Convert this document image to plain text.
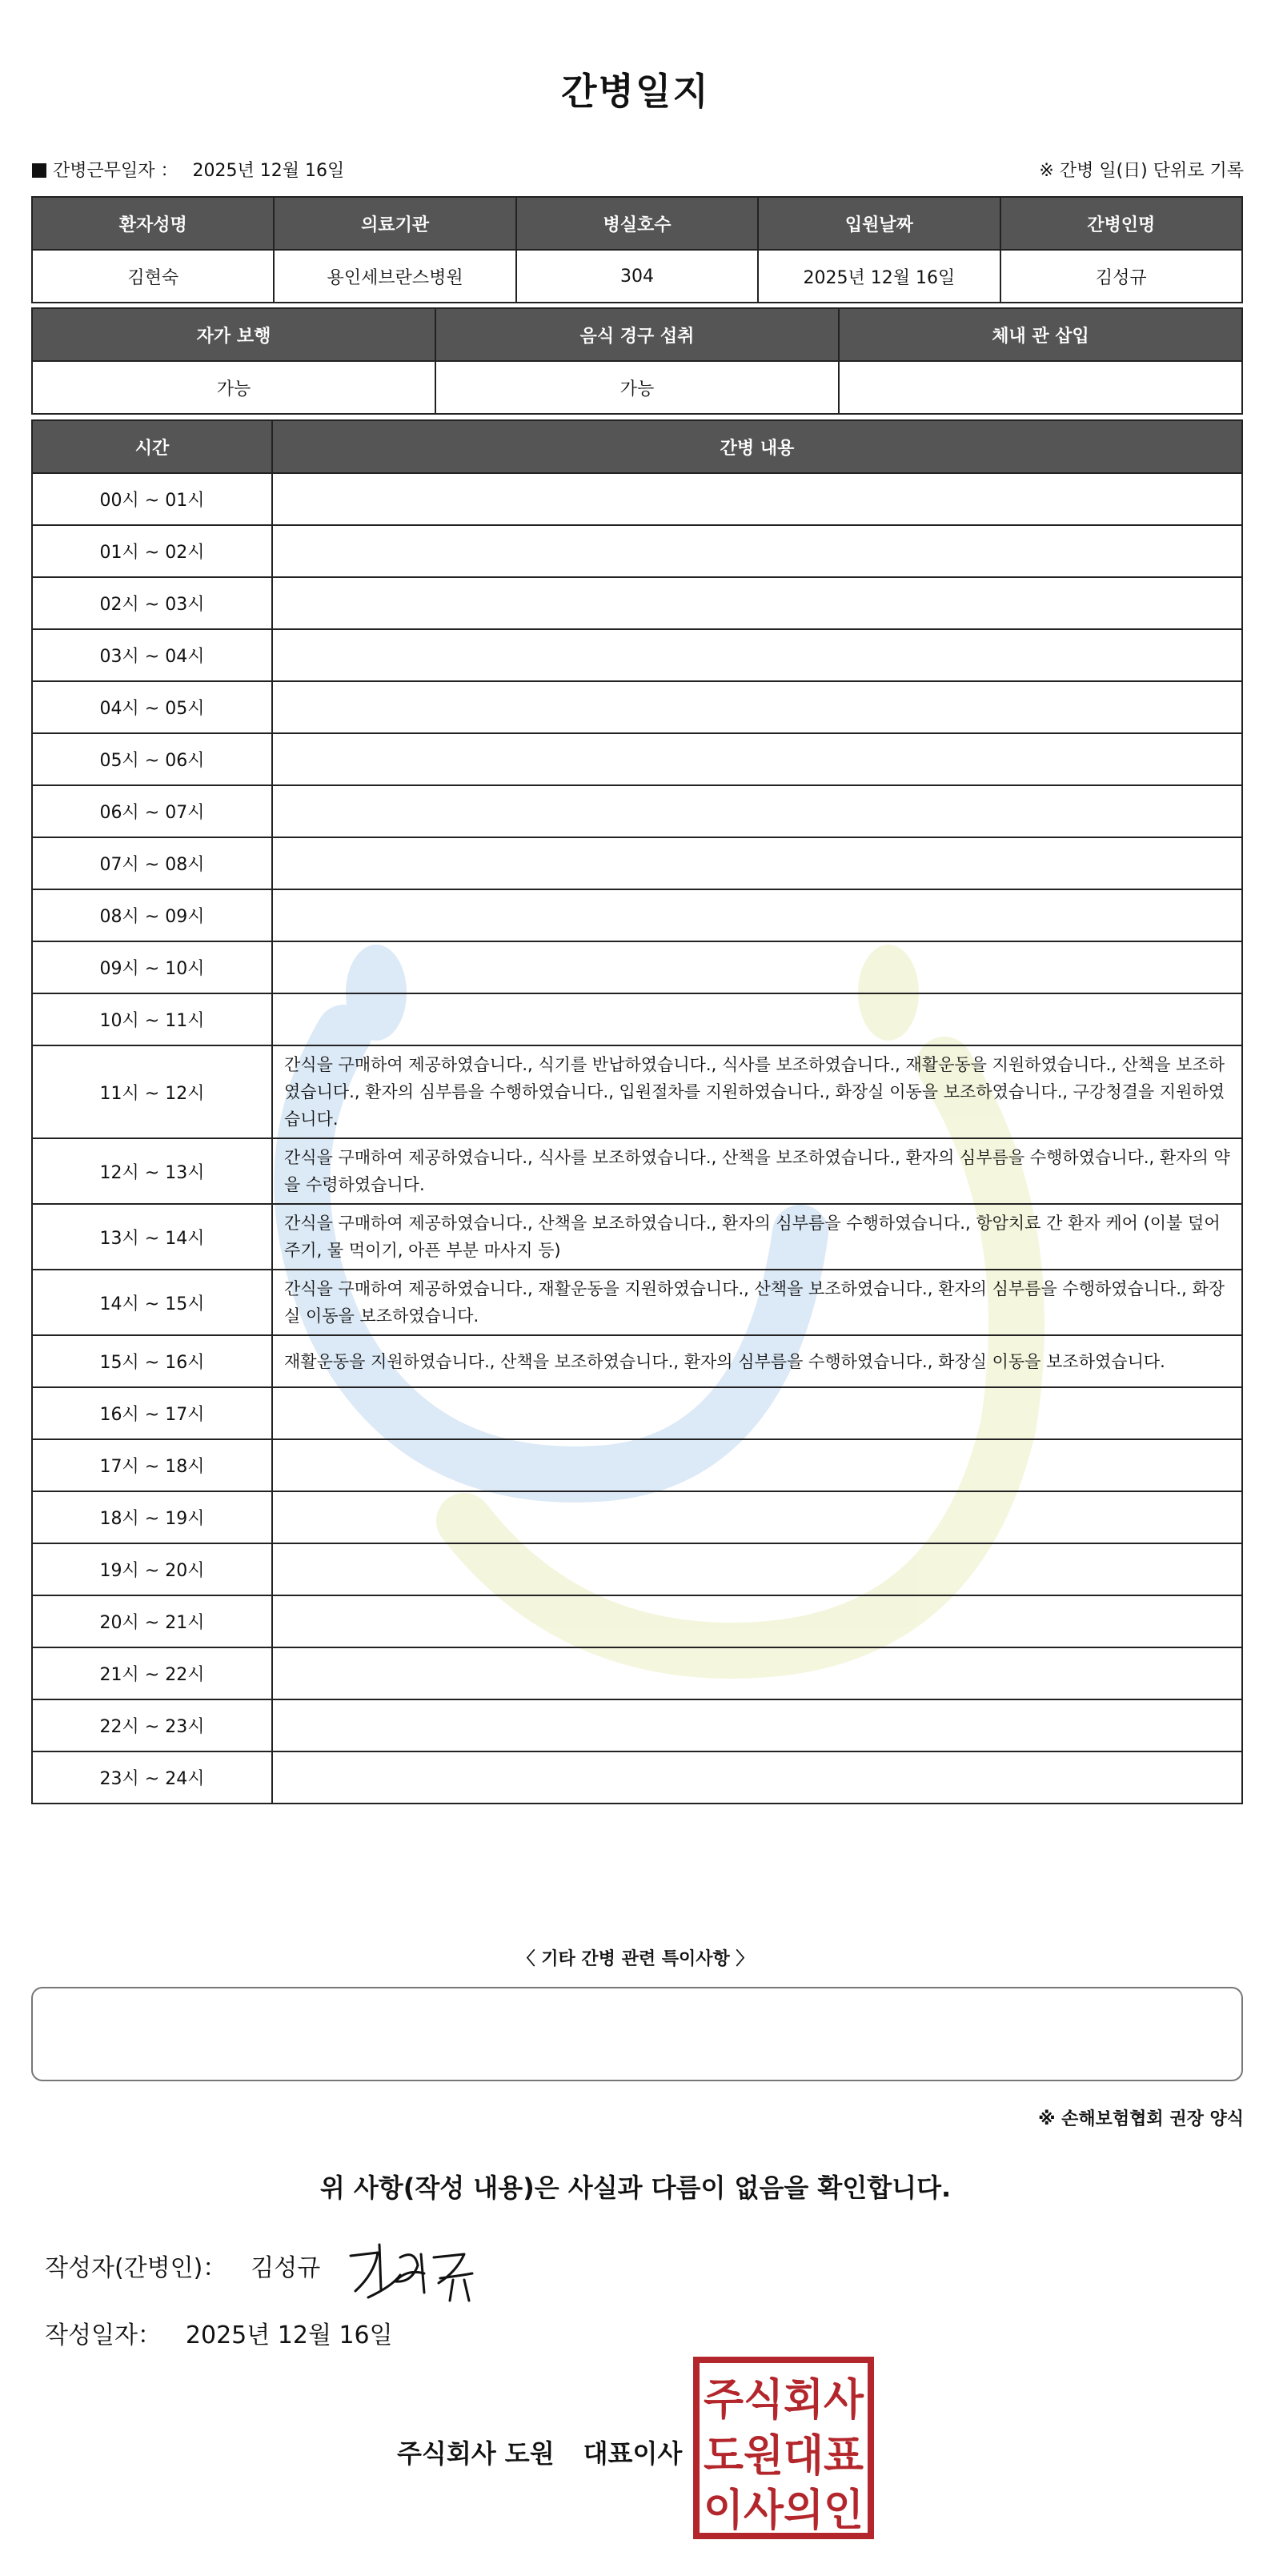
간병일지
간병근무일자 ： 2025년 12월 16일	※ 간병 일(日) 단위로 기록
환자성명	의료기관	병실호수	입원날짜	간병인명
김현숙	용인세브란스병원	304	2025년 12월 16일	김성규
자가 보행	음식 경구 섭취	체내 관 삽입
가능	가능	
시간	간병 내용
00시 ~ 01시	
01시 ~ 02시	
02시 ~ 03시	
03시 ~ 04시	
04시 ~ 05시	
05시 ~ 06시	
06시 ~ 07시	
07시 ~ 08시	
08시 ~ 09시	
09시 ~ 10시	
10시 ~ 11시	
11시 ~ 12시	간식을 구매하여 제공하였습니다., 식기를 반납하였습니다., 식사를 보조하였습니다., 재활운동을 지원하였습니다., 산책을 보조하였습니다., 환자의 심부름을 수행하였습니다., 입원절차를 지원하였습니다., 화장실 이동을 보조하였습니다., 구강청결을 지원하였습니다.
12시 ~ 13시	간식을 구매하여 제공하였습니다., 식사를 보조하였습니다., 산책을 보조하였습니다., 환자의 심부름을 수행하였습니다., 환자의 약을 수령하였습니다.
13시 ~ 14시	간식을 구매하여 제공하였습니다., 산책을 보조하였습니다., 환자의 심부름을 수행하였습니다., 항암치료 간 환자 케어 (이불 덮어주기, 물 먹이기, 아픈 부분 마사지 등)
14시 ~ 15시	간식을 구매하여 제공하였습니다., 재활운동을 지원하였습니다., 산책을 보조하였습니다., 환자의 심부름을 수행하였습니다., 화장실 이동을 보조하였습니다.
15시 ~ 16시	재활운동을 지원하였습니다., 산책을 보조하였습니다., 환자의 심부름을 수행하였습니다., 화장실 이동을 보조하였습니다.
16시 ~ 17시	
17시 ~ 18시	
18시 ~ 19시	
19시 ~ 20시	
20시 ~ 21시	
21시 ~ 22시	
22시 ~ 23시	
23시 ~ 24시	
〈 기타 간병 관련 특이사항 〉
※ 손해보험협회 권장 양식
위 사항(작성 내용)은 사실과 다름이 없음을 확인합니다.
작성자(간병인)： 김성규
작성일자： 2025년 12월 16일
주식회사 도원 대표이사
주식회사
도원대표
이사의인
